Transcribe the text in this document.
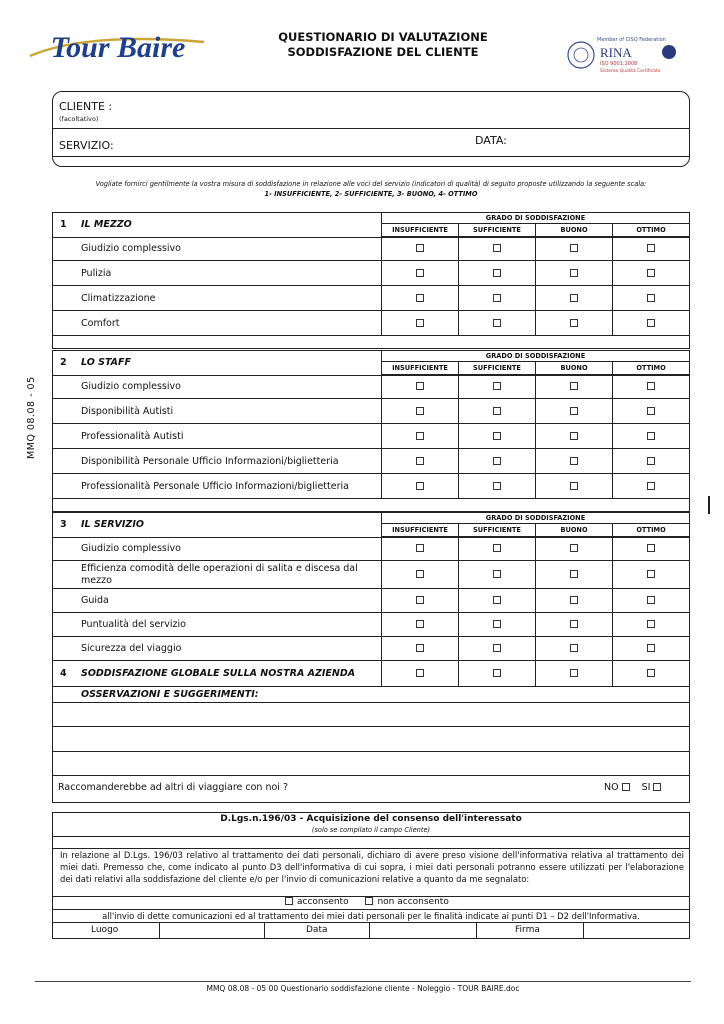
Tour Baire	Member of CISQ Federation
RINA
ISO 9001:2008
Sistema Qualità Certificato
QUESTIONARIO DI VALUTAZIONE
SODDISFAZIONE DEL CLIENTE
MMQ 08.08 - 05
CLIENTE :
(facoltativo)
SERVIZIO:	DATA:
Vogliate fornirci gentilmente la vostra misura di soddisfazione in relazione alle voci del servizio (indicatori di qualità) di seguito proposte utilizzando la seguente scala:
1- INSUFFICIENTE, 2- SUFFICIENTE, 3- BUONO, 4- OTTIMO
1 IL MEZZO
GRADO DI SODDISFAZIONE
INSUFFICIENTE	SUFFICIENTE	BUONO	OTTIMO
Giudizio complessivo
Pulizia
Climatizzazione
Comfort
2 LO STAFF
GRADO DI SODDISFAZIONE
INSUFFICIENTE	SUFFICIENTE	BUONO	OTTIMO
Giudizio complessivo
Disponibilità Autisti
Professionalità Autisti
Disponibilità Personale Ufficio Informazioni/biglietteria
Professionalità Personale Ufficio Informazioni/biglietteria
3 IL SERVIZIO
GRADO DI SODDISFAZIONE
INSUFFICIENTE	SUFFICIENTE	BUONO	OTTIMO
Giudizio complessivo
Efficienza comodità delle operazioni di salita e discesa dal mezzo
Guida
Puntualità del servizio
Sicurezza del viaggio
4 SODDISFAZIONE GLOBALE SULLA NOSTRA AZIENDA
OSSERVAZIONI E SUGGERIMENTI:
Raccomanderebbe ad altri di viaggiare con noi ?	NO SI
D.Lgs.n.196/03 - Acquisizione del consenso dell'interessato
(solo se compilato il campo Cliente)
In relazione al D.Lgs. 196/03 relativo al trattamento dei dati personali, dichiaro di avere preso visione dell'informativa relativa al trattamento dei miei dati. Premesso che, come indicato al punto D3 dell'informativa di cui sopra, i miei dati personali potranno essere utilizzati per l'elaborazione dei dati relativi alla soddisfazione del cliente e/o per l'invio di comunicazioni relative a quanto da me segnalato:
acconsento	non acconsento
all'invio di dette comunicazioni ed al trattamento dei miei dati personali per le finalità indicate ai punti D1 – D2 dell'Informativa.
Luogo	Data	Firma
MMQ 08.08 - 05 00 Questionario soddisfazione cliente - Noleggio - TOUR BAIRE.doc
